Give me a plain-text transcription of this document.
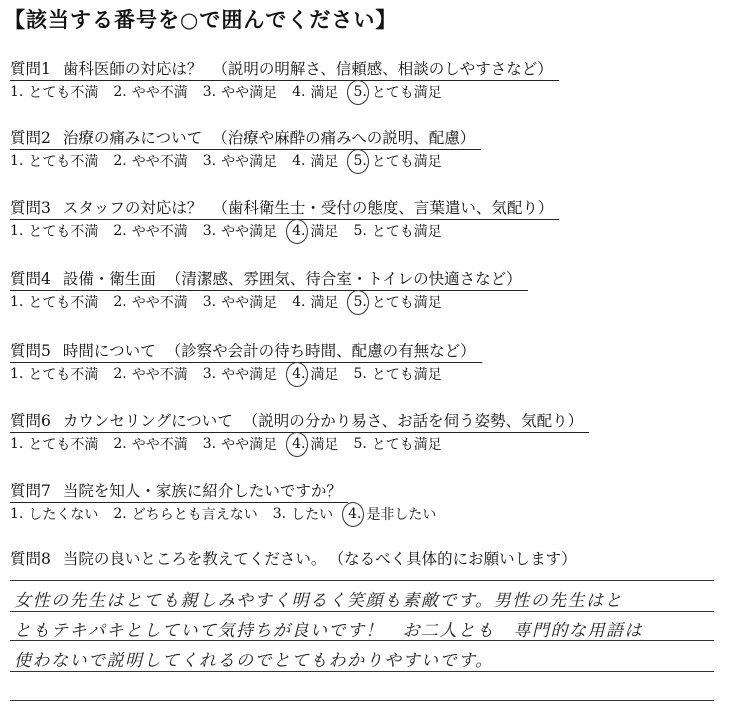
【該当する番号を○で囲んでください】
質問1 歯科医師の対応は？ （説明の明解さ、信頼感、相談のしやすさなど）
1. とても不満 2. やや不満 3. やや満足 4. 満足 5. とても満足
質問2 治療の痛みについて （治療や麻酔の痛みへの説明、配慮）
1. とても不満 2. やや不満 3. やや満足 4. 満足 5. とても満足
質問3 スタッフの対応は？ （歯科衛生士・受付の態度、言葉遣い、気配り）
1. とても不満 2. やや不満 3. やや満足 4. 満足 5. とても満足
質問4 設備・衛生面 （清潔感、雰囲気、待合室・トイレの快適さなど）
1. とても不満 2. やや不満 3. やや満足 4. 満足 5. とても満足
質問5 時間について （診察や会計の待ち時間、配慮の有無など）
1. とても不満 2. やや不満 3. やや満足 4. 満足 5. とても満足
質問6 カウンセリングについて （説明の分かり易さ、お話を伺う姿勢、気配り）
1. とても不満 2. やや不満 3. やや満足 4. 満足 5. とても満足
質問7 当院を知人・家族に紹介したいですか？
1. したくない 2. どちらとも言えない 3. したい 4. 是非したい
質問8 当院の良いところを教えてください。 （なるべく具体的にお願いします）
女性の先生はとても親しみやすく明るく笑顔も素敵です。男性の先生はと
ともテキパキとしていて気持ちが良いです！　お二人とも　専門的な用語は
使わないで説明してくれるのでとてもわかりやすいです。
